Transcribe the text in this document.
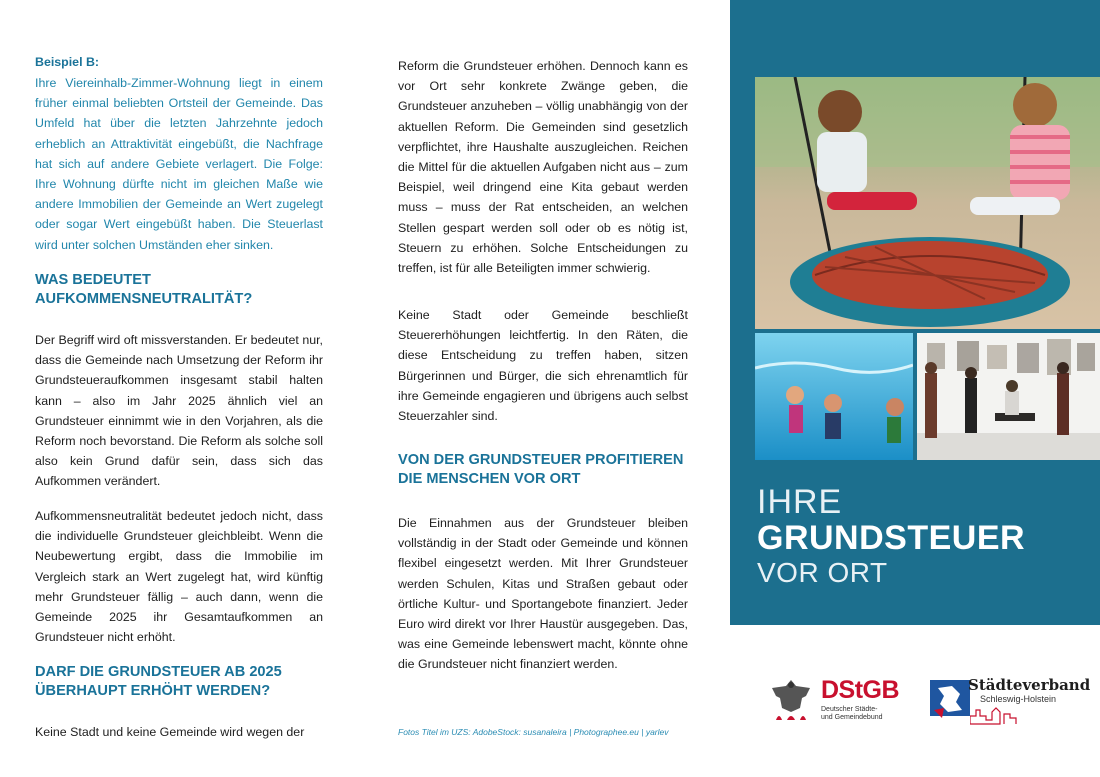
Beispiel B:

Ihre Viereinhalb-Zimmer-Wohnung liegt in einem früher einmal beliebten Ortsteil der Gemeinde. Das Umfeld hat über die letzten Jahrzehnte jedoch erheblich an Attraktivität eingebüßt, die Nachfrage hat sich auf andere Gebiete verlagert. Die Folge: Ihre Wohnung dürfte nicht im gleichen Maße wie andere Immobilien der Gemeinde an Wert zugelegt oder sogar Wert eingebüßt haben. Die Steuerlast wird unter solchen Umständen eher sinken.

WAS BEDEUTET AUFKOMMENSNEUTRALITÄT?

Der Begriff wird oft missverstanden. Er bedeutet nur, dass die Gemeinde nach Umsetzung der Reform ihr Grundsteueraufkommen insgesamt stabil halten kann – also im Jahr 2025 ähnlich viel an Grundsteuer einnimmt wie in den Vorjahren, als die Reform noch bevorstand. Die Reform als solche soll also kein Grund dafür sein, dass sich das Aufkommen verändert.

Aufkommensneutralität bedeutet jedoch nicht, dass die individuelle Grundsteuer gleichbleibt. Wenn die Neubewertung ergibt, dass die Immobilie im Vergleich stark an Wert zugelegt hat, wird künftig mehr Grundsteuer fällig – auch dann, wenn die Gemeinde 2025 ihr Gesamtaufkommen an Grundsteuer nicht erhöht.

DARF DIE GRUNDSTEUER AB 2025 ÜBERHAUPT ERHÖHT WERDEN?

Keine Stadt und keine Gemeinde wird wegen der

Reform die Grundsteuer erhöhen. Dennoch kann es vor Ort sehr konkrete Zwänge geben, die Grundsteuer anzuheben – völlig unabhängig von der aktuellen Reform. Die Gemeinden sind gesetzlich verpflichtet, ihre Haushalte auszugleichen. Reichen die Mittel für die aktuellen Aufgaben nicht aus – zum Beispiel, weil dringend eine Kita gebaut werden muss – muss der Rat entscheiden, an welchen Stellen gespart werden soll oder ob es nötig ist, Steuern zu erhöhen. Solche Entscheidungen zu treffen, ist für alle Beteiligten immer schwierig.

Keine Stadt oder Gemeinde beschließt Steuererhöhungen leichtfertig. In den Räten, die diese Entscheidung zu treffen haben, sitzen Bürgerinnen und Bürger, die sich ehrenamtlich für ihre Gemeinde engagieren und übrigens auch selbst Steuerzahler sind.

VON DER GRUNDSTEUER PROFITIEREN DIE MENSCHEN VOR ORT

Die Einnahmen aus der Grundsteuer bleiben vollständig in der Stadt oder Gemeinde und können flexibel eingesetzt werden. Mit Ihrer Grundsteuer werden Schulen, Kitas und Straßen gebaut oder örtliche Kultur- und Sportangebote finanziert. Jeder Euro wird direkt vor Ihrer Haustür ausgegeben. Das, was eine Gemeinde lebenswert macht, könnte ohne die Grundsteuer nicht finanziert werden.

Fotos Titel im UZS: AdobeStock: susanaleira | Photographee.eu | yarlev
IHRE
GRUNDSTEUER
VOR ORT
DStGB
Deutscher Städte-
und Gemeindebund
Städteverband
Schleswig-Holstein
